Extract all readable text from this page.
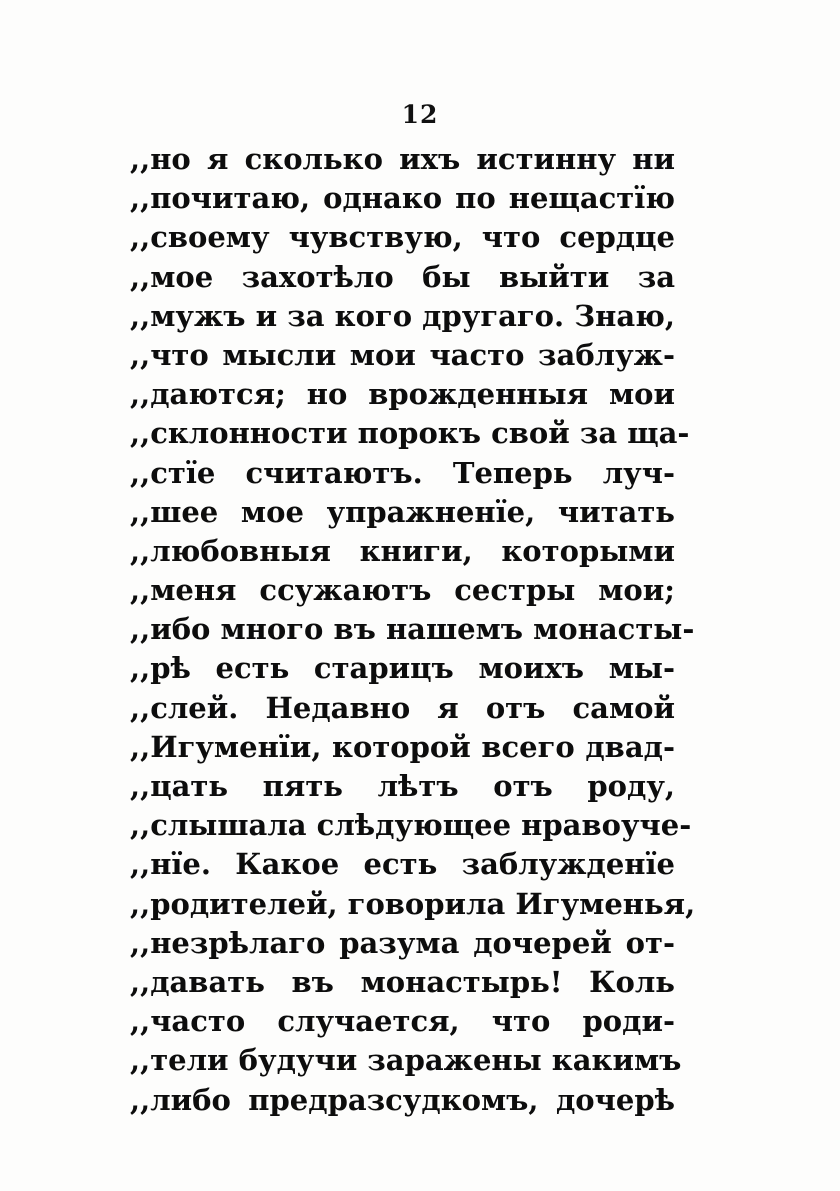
12
,,но я сколько ихъ истинну ни
,,почитаю, однако по нещастїю
,,своему чувствую, что сердце
,,мое захотѣло бы выйти за
,,мужъ и за кого другаго. Знаю,
,,что мысли мои часто заблуж-
,,даются; но врожденныя мои
,,склонности порокъ свой за ща-
,,стїе считаютъ. Теперь луч-
,,шее мое упражненїе, читать
,,любовныя книги, которыми
,,меня ссужаютъ сестры мои;
,,ибо много въ нашемъ монасты-
,,рѣ есть старицъ моихъ мы-
,,слей. Недавно я отъ самой
,,Игуменїи, которой всего двад-
,,цать пять лѣтъ отъ роду,
,,слышала слѣдующее нравоуче-
,,нїе. Какое есть заблужденїе
,,родителей, говорила Игуменья,
,,незрѣлаго разума дочерей от-
,,давать въ монастырь! Коль
,,часто случается, что роди-
,,тели будучи заражены какимъ
,,либо предразсудкомъ, дочерѣ
